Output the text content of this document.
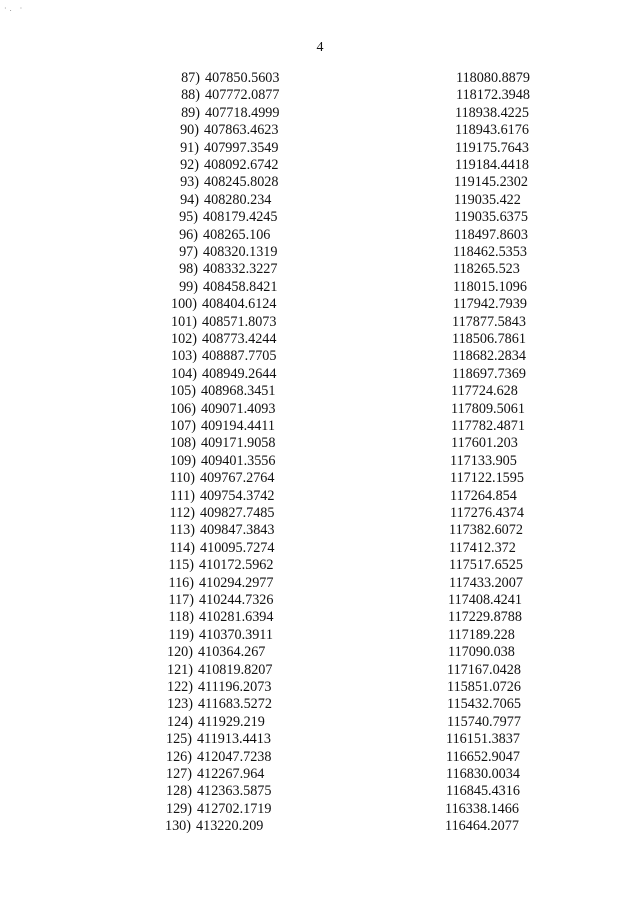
·. ·
4
87) 407850.5603	118080.8879
88) 407772.0877	118172.3948
89) 407718.4999	118938.4225
90) 407863.4623	118943.6176
91) 407997.3549	119175.7643
92) 408092.6742	119184.4418
93) 408245.8028	119145.2302
94) 408280.234	119035.422
95) 408179.4245	119035.6375
96) 408265.106	118497.8603
97) 408320.1319	118462.5353
98) 408332.3227	118265.523
99) 408458.8421	118015.1096
100) 408404.6124	117942.7939
101) 408571.8073	117877.5843
102) 408773.4244	118506.7861
103) 408887.7705	118682.2834
104) 408949.2644	118697.7369
105) 408968.3451	117724.628
106) 409071.4093	117809.5061
107) 409194.4411	117782.4871
108) 409171.9058	117601.203
109) 409401.3556	117133.905
110) 409767.2764	117122.1595
111) 409754.3742	117264.854
112) 409827.7485	117276.4374
113) 409847.3843	117382.6072
114) 410095.7274	117412.372
115) 410172.5962	117517.6525
116) 410294.2977	117433.2007
117) 410244.7326	117408.4241
118) 410281.6394	117229.8788
119) 410370.3911	117189.228
120) 410364.267	117090.038
121) 410819.8207	117167.0428
122) 411196.2073	115851.0726
123) 411683.5272	115432.7065
124) 411929.219	115740.7977
125) 411913.4413	116151.3837
126) 412047.7238	116652.9047
127) 412267.964	116830.0034
128) 412363.5875	116845.4316
129) 412702.1719	116338.1466
130) 413220.209	116464.2077
